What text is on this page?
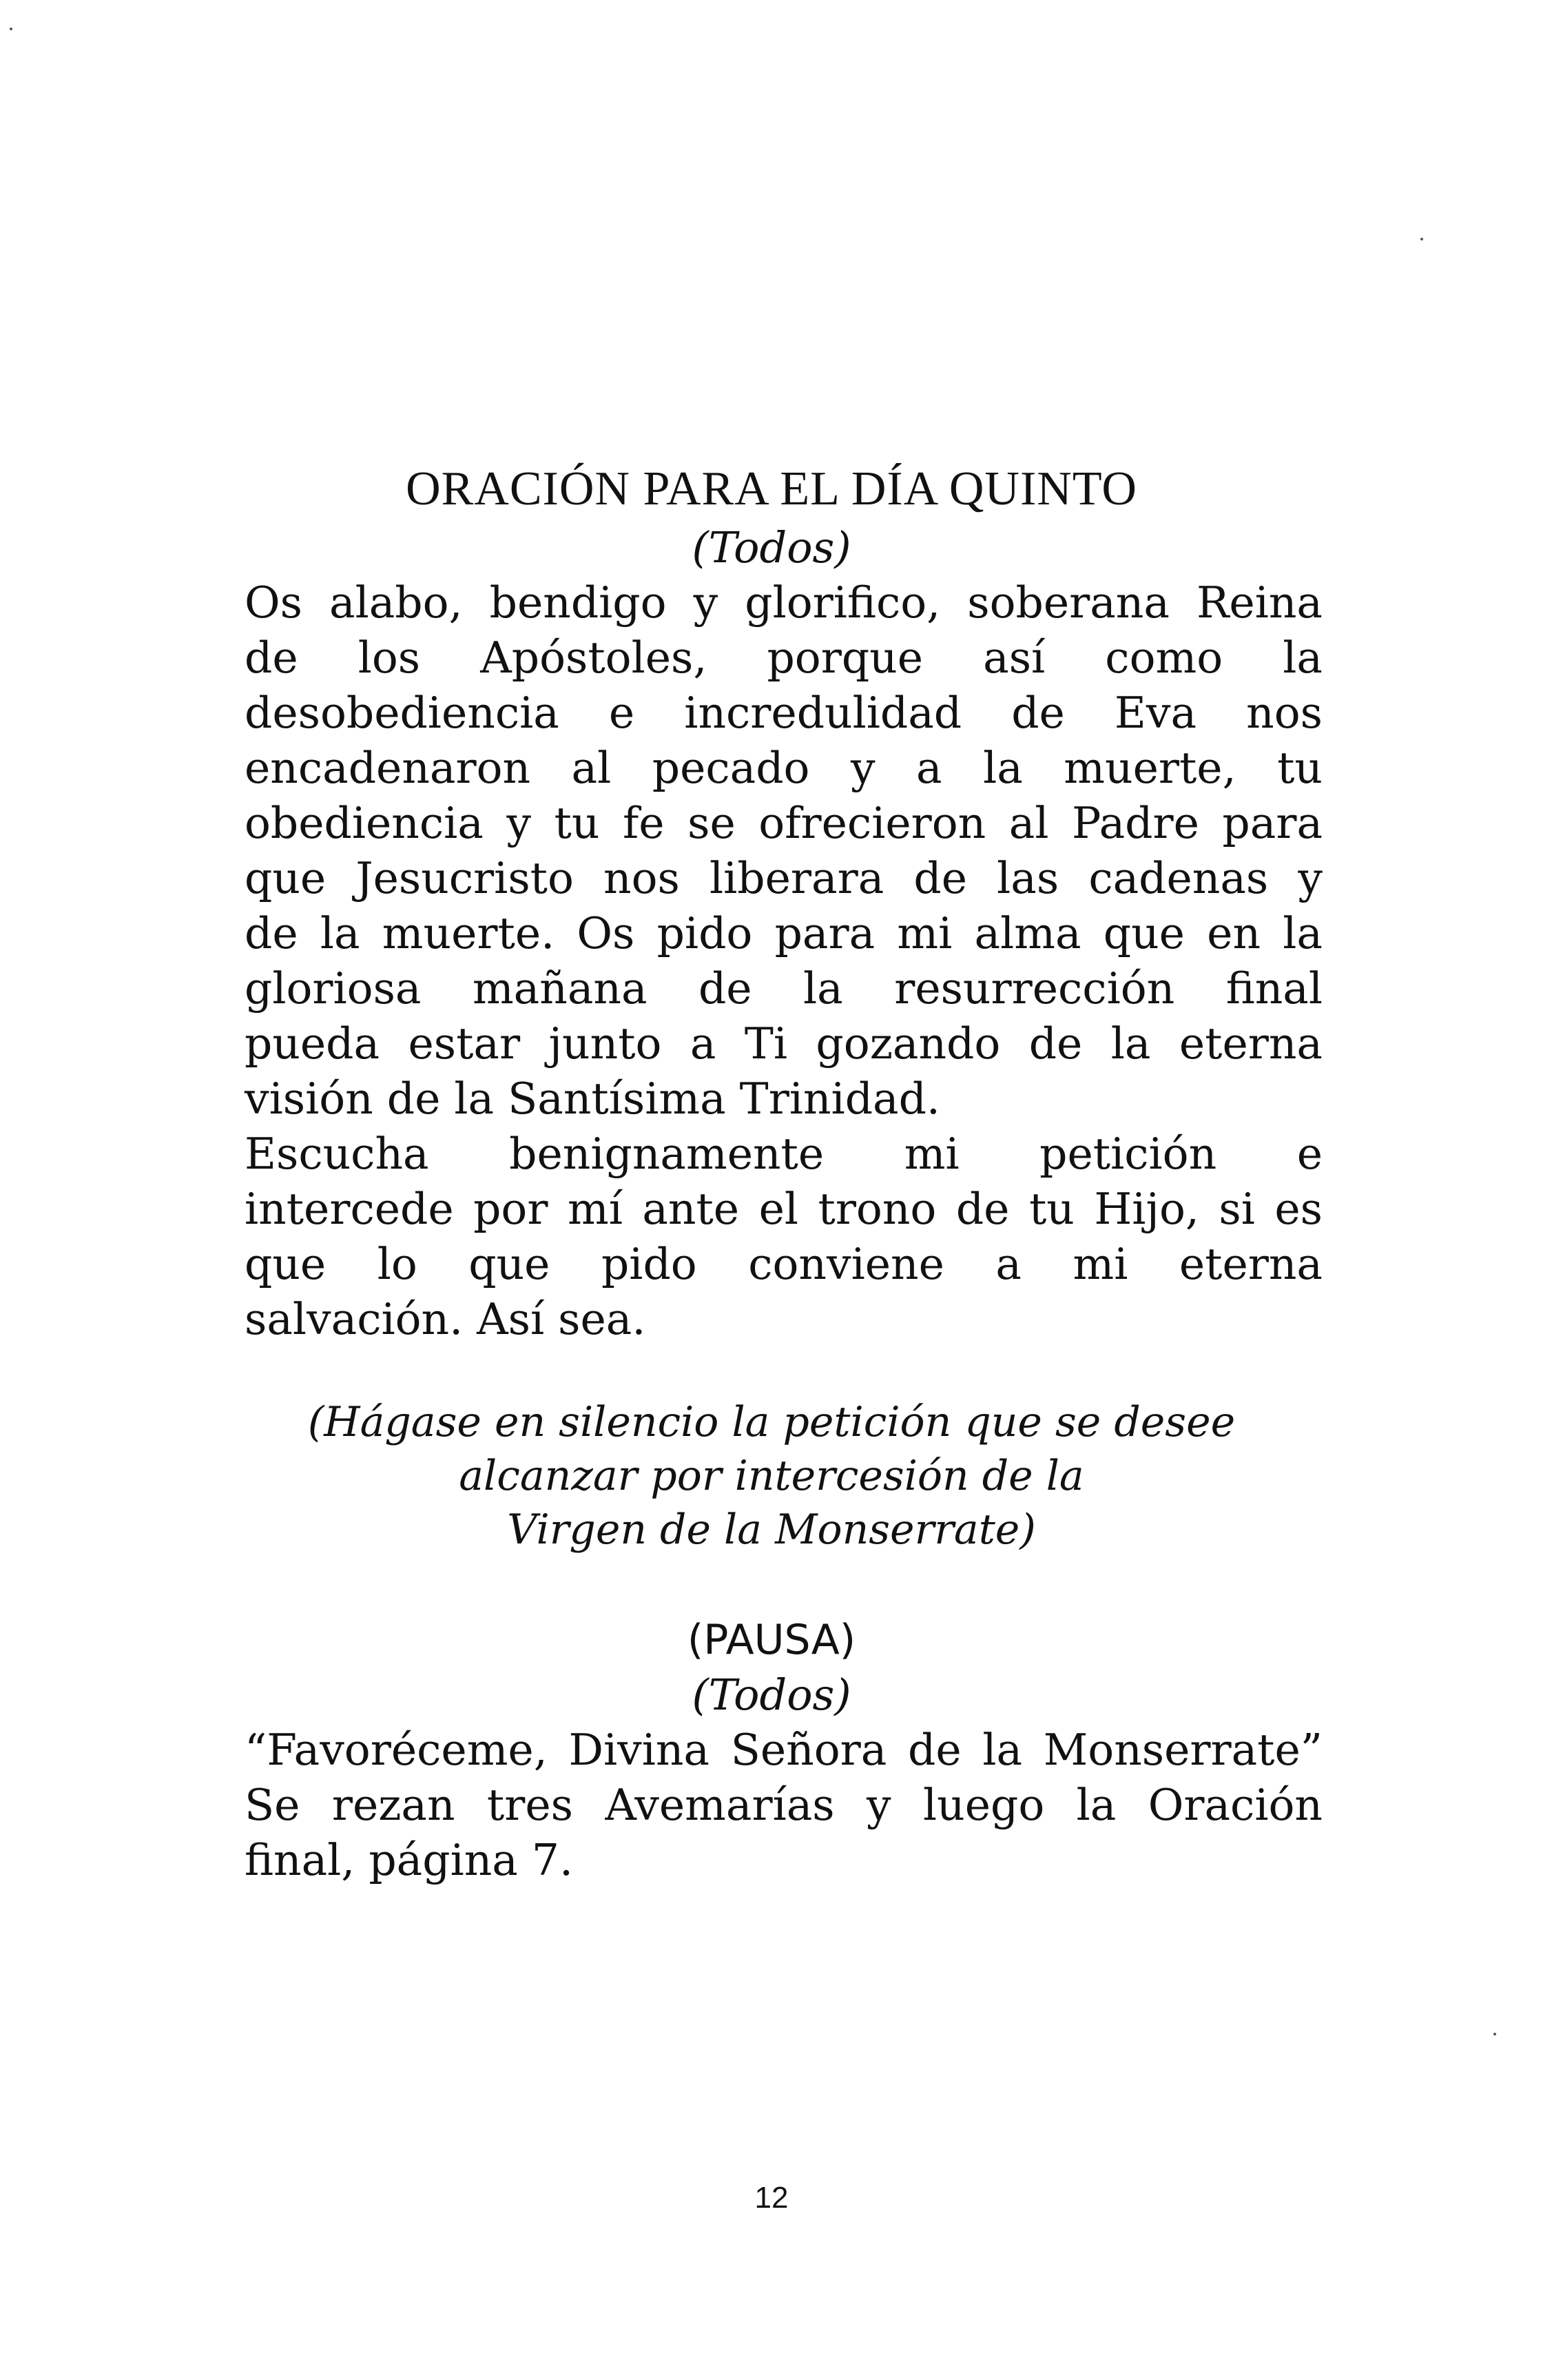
ORACIÓN PARA EL DÍA QUINTO
(Todos)
Os alabo, bendigo y glorifico, soberana Reina
de los Apóstoles, porque así como la
desobediencia e incredulidad de Eva nos
encadenaron al pecado y a la muerte, tu
obediencia y tu fe se ofrecieron al Padre para
que Jesucristo nos liberara de las cadenas y
de la muerte. Os pido para mi alma que en la
gloriosa mañana de la resurrección final
pueda estar junto a Ti gozando de la eterna
visión de la Santísima Trinidad.
Escucha benignamente mi petición e
intercede por mí ante el trono de tu Hijo, si es
que lo que pido conviene a mi eterna
salvación. Así sea.
(Hágase en silencio la petición que se desee
alcanzar por intercesión de la
Virgen de la Monserrate)
(PAUSA)
(Todos)
“Favoréceme, Divina Señora de la Monserrate”
Se rezan tres Avemarías y luego la Oración
final, página 7.
12
